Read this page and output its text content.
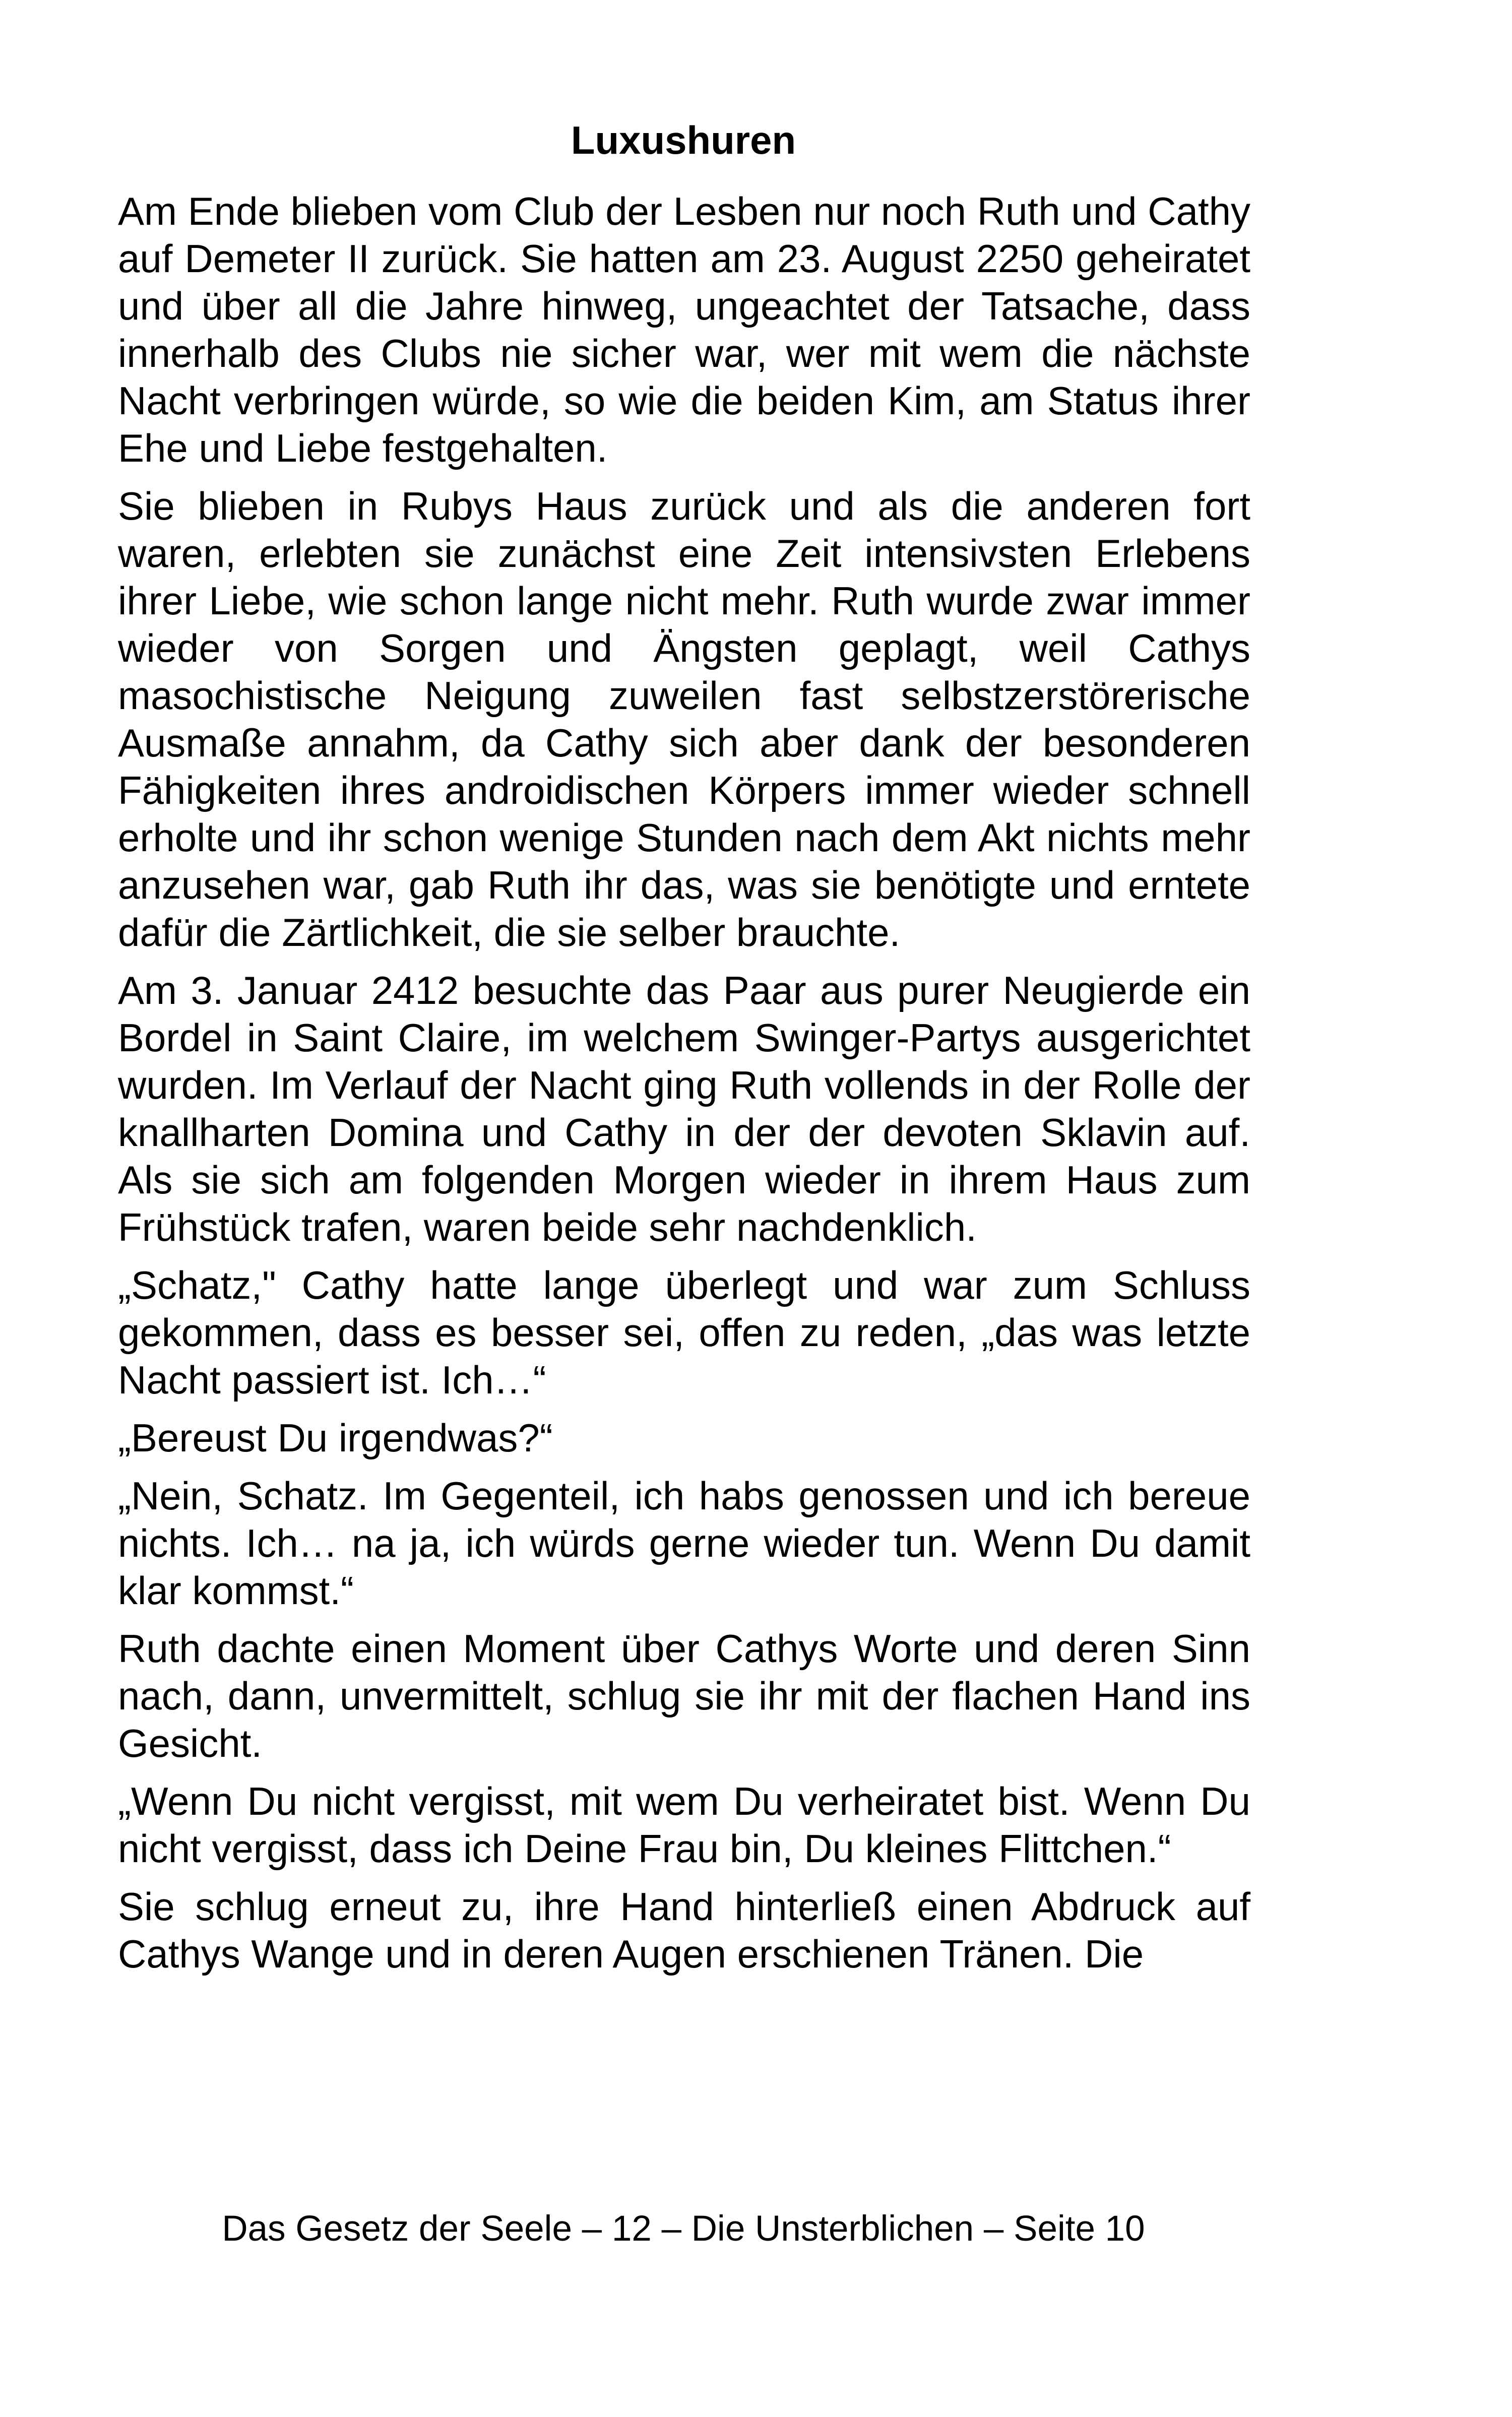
Luxushuren

Am Ende blieben vom Club der Lesben nur noch Ruth und Cathy auf Demeter II zurück. Sie hatten am 23. August 2250 geheiratet und über all die Jahre hinweg, ungeachtet der Tatsache, dass innerhalb des Clubs nie sicher war, wer mit wem die nächste Nacht verbringen würde, so wie die beiden Kim, am Status ihrer Ehe und Liebe festgehalten.

Sie blieben in Rubys Haus zurück und als die anderen fort waren, erlebten sie zunächst eine Zeit intensivsten Erlebens ihrer Liebe, wie schon lange nicht mehr. Ruth wurde zwar immer wieder von Sorgen und Ängsten geplagt, weil Cathys masochistische Neigung zuweilen fast selbstzerstörerische Ausmaße annahm, da Cathy sich aber dank der besonderen Fähigkeiten ihres androidischen Körpers immer wieder schnell erholte und ihr schon wenige Stunden nach dem Akt nichts mehr anzusehen war, gab Ruth ihr das, was sie benötigte und erntete dafür die Zärtlichkeit, die sie selber brauchte.

Am 3. Januar 2412 besuchte das Paar aus purer Neugierde ein Bordel in Saint Claire, im welchem Swinger-Partys ausgerichtet wurden. Im Verlauf der Nacht ging Ruth vollends in der Rolle der knallharten Domina und Cathy in der der devoten Sklavin auf. Als sie sich am folgenden Morgen wieder in ihrem Haus zum Frühstück trafen, waren beide sehr nachdenklich.

„Schatz," Cathy hatte lange überlegt und war zum Schluss gekommen, dass es besser sei, offen zu reden, „das was letzte Nacht passiert ist. Ich…“

„Bereust Du irgendwas?“

„Nein, Schatz. Im Gegenteil, ich habs genossen und ich bereue nichts. Ich… na ja, ich würds gerne wieder tun. Wenn Du damit klar kommst.“

Ruth dachte einen Moment über Cathys Worte und deren Sinn nach, dann, unvermittelt, schlug sie ihr mit der flachen Hand ins Gesicht.

„Wenn Du nicht vergisst, mit wem Du verheiratet bist. Wenn Du nicht vergisst, dass ich Deine Frau bin, Du kleines Flittchen.“

Sie schlug erneut zu, ihre Hand hinterließ einen Abdruck auf Cathys Wange und in deren Augen erschienen Tränen. Die

Das Gesetz der Seele – 12 – Die Unsterblichen – Seite 10
